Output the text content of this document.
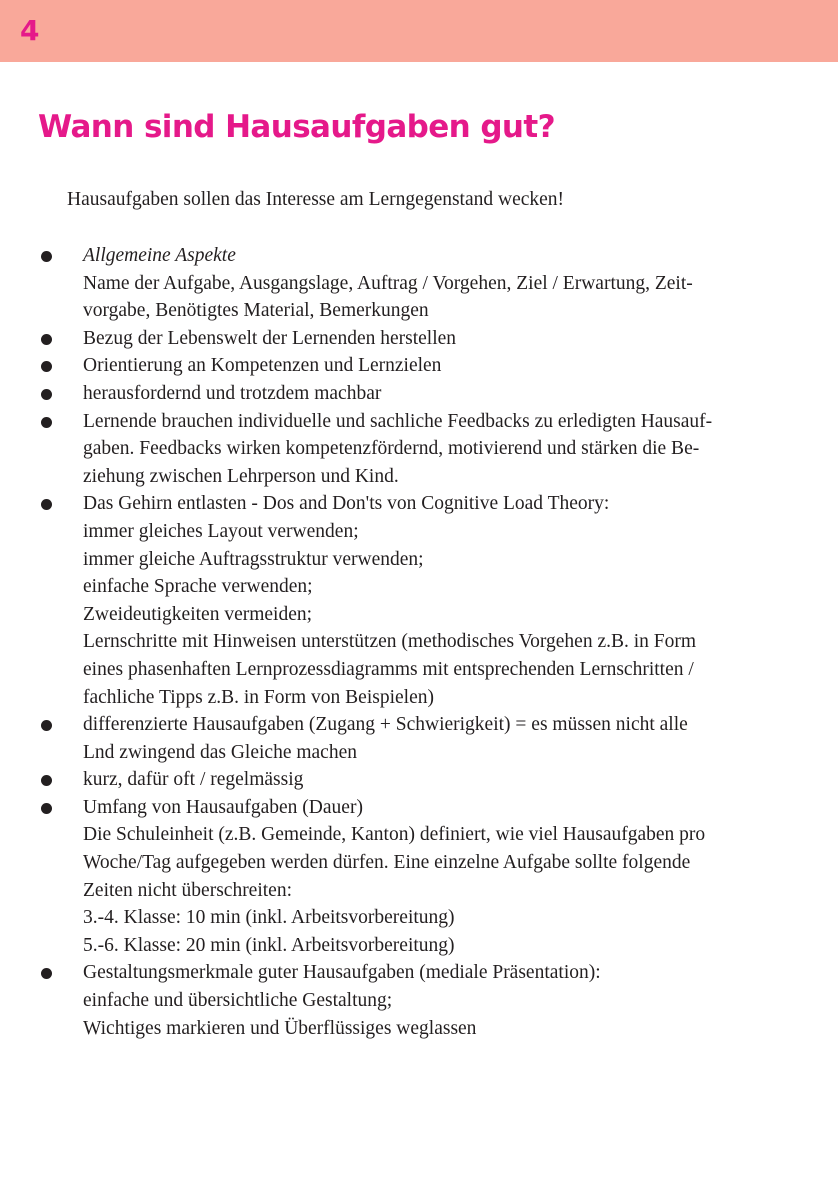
4
Wann sind Hausaufgaben gut?

Hausaufgaben sollen das Interesse am Lerngegenstand wecken!

Allgemeine Aspekte
Name der Aufgabe, Ausgangslage, Auftrag / Vorgehen, Ziel / Erwartung, Zeit-
vorgabe, Benötigtes Material, Bemerkungen
Bezug der Lebenswelt der Lernenden herstellen
Orientierung an Kompetenzen und Lernzielen
herausfordernd und trotzdem machbar
Lernende brauchen individuelle und sachliche Feedbacks zu erledigten Hausauf-
gaben. Feedbacks wirken kompetenzfördernd, motivierend und stärken die Be-
ziehung zwischen Lehrperson und Kind.
Das Gehirn entlasten - Dos and Don'ts von Cognitive Load Theory:
immer gleiches Layout verwenden;
immer gleiche Auftragsstruktur verwenden;
einfache Sprache verwenden;
Zweideutigkeiten vermeiden;
Lernschritte mit Hinweisen unterstützen (methodisches Vorgehen z.B. in Form
eines phasenhaften Lernprozessdiagramms mit entsprechenden Lernschritten /
fachliche Tipps z.B. in Form von Beispielen)
differenzierte Hausaufgaben (Zugang + Schwierigkeit) = es müssen nicht alle
Lnd zwingend das Gleiche machen
kurz, dafür oft / regelmässig
Umfang von Hausaufgaben (Dauer)
Die Schuleinheit (z.B. Gemeinde, Kanton) definiert, wie viel Hausaufgaben pro
Woche/Tag aufgegeben werden dürfen. Eine einzelne Aufgabe sollte folgende
Zeiten nicht überschreiten:
3.-4. Klasse: 10 min (inkl. Arbeitsvorbereitung)
5.-6. Klasse: 20 min (inkl. Arbeitsvorbereitung)
Gestaltungsmerkmale guter Hausaufgaben (mediale Präsentation):
einfache und übersichtliche Gestaltung;
Wichtiges markieren und Überflüssiges weglassen
